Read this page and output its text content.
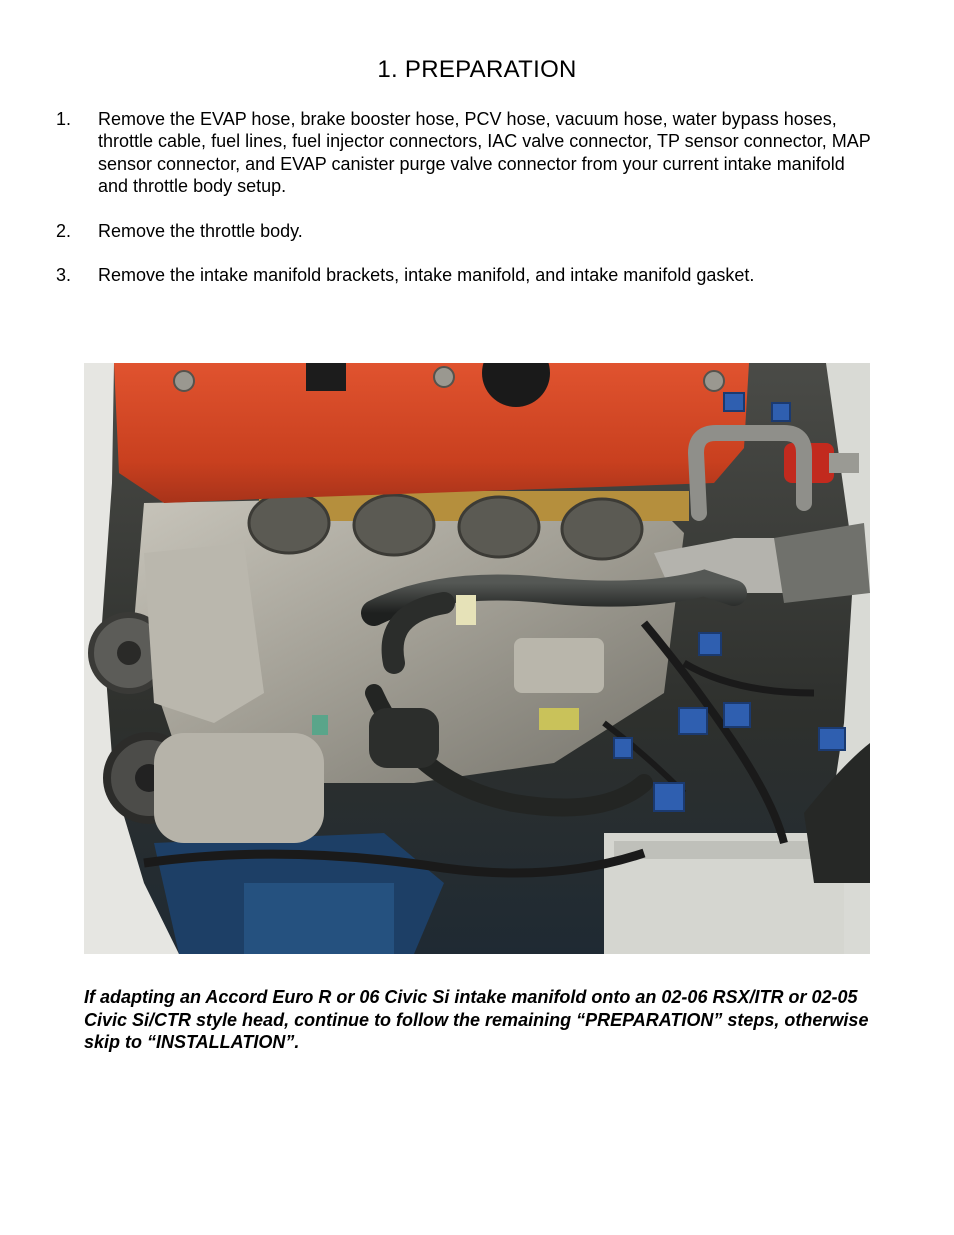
1. PREPARATION
1. Remove the EVAP hose, brake booster hose, PCV hose, vacuum hose, water bypass hoses, throttle cable, fuel lines, fuel injector connectors, IAC valve connector, TP sensor connector, MAP sensor connector, and EVAP canister purge valve connector from your current intake manifold and throttle body setup.
2. Remove the throttle body.
3. Remove the intake manifold brackets, intake manifold, and intake manifold gasket.
If adapting an Accord Euro R or 06 Civic Si intake manifold onto an 02-06 RSX/ITR or 02-05 Civic Si/CTR style head, continue to follow the remaining “PREPARATION” steps, otherwise skip to “INSTALLATION”.
